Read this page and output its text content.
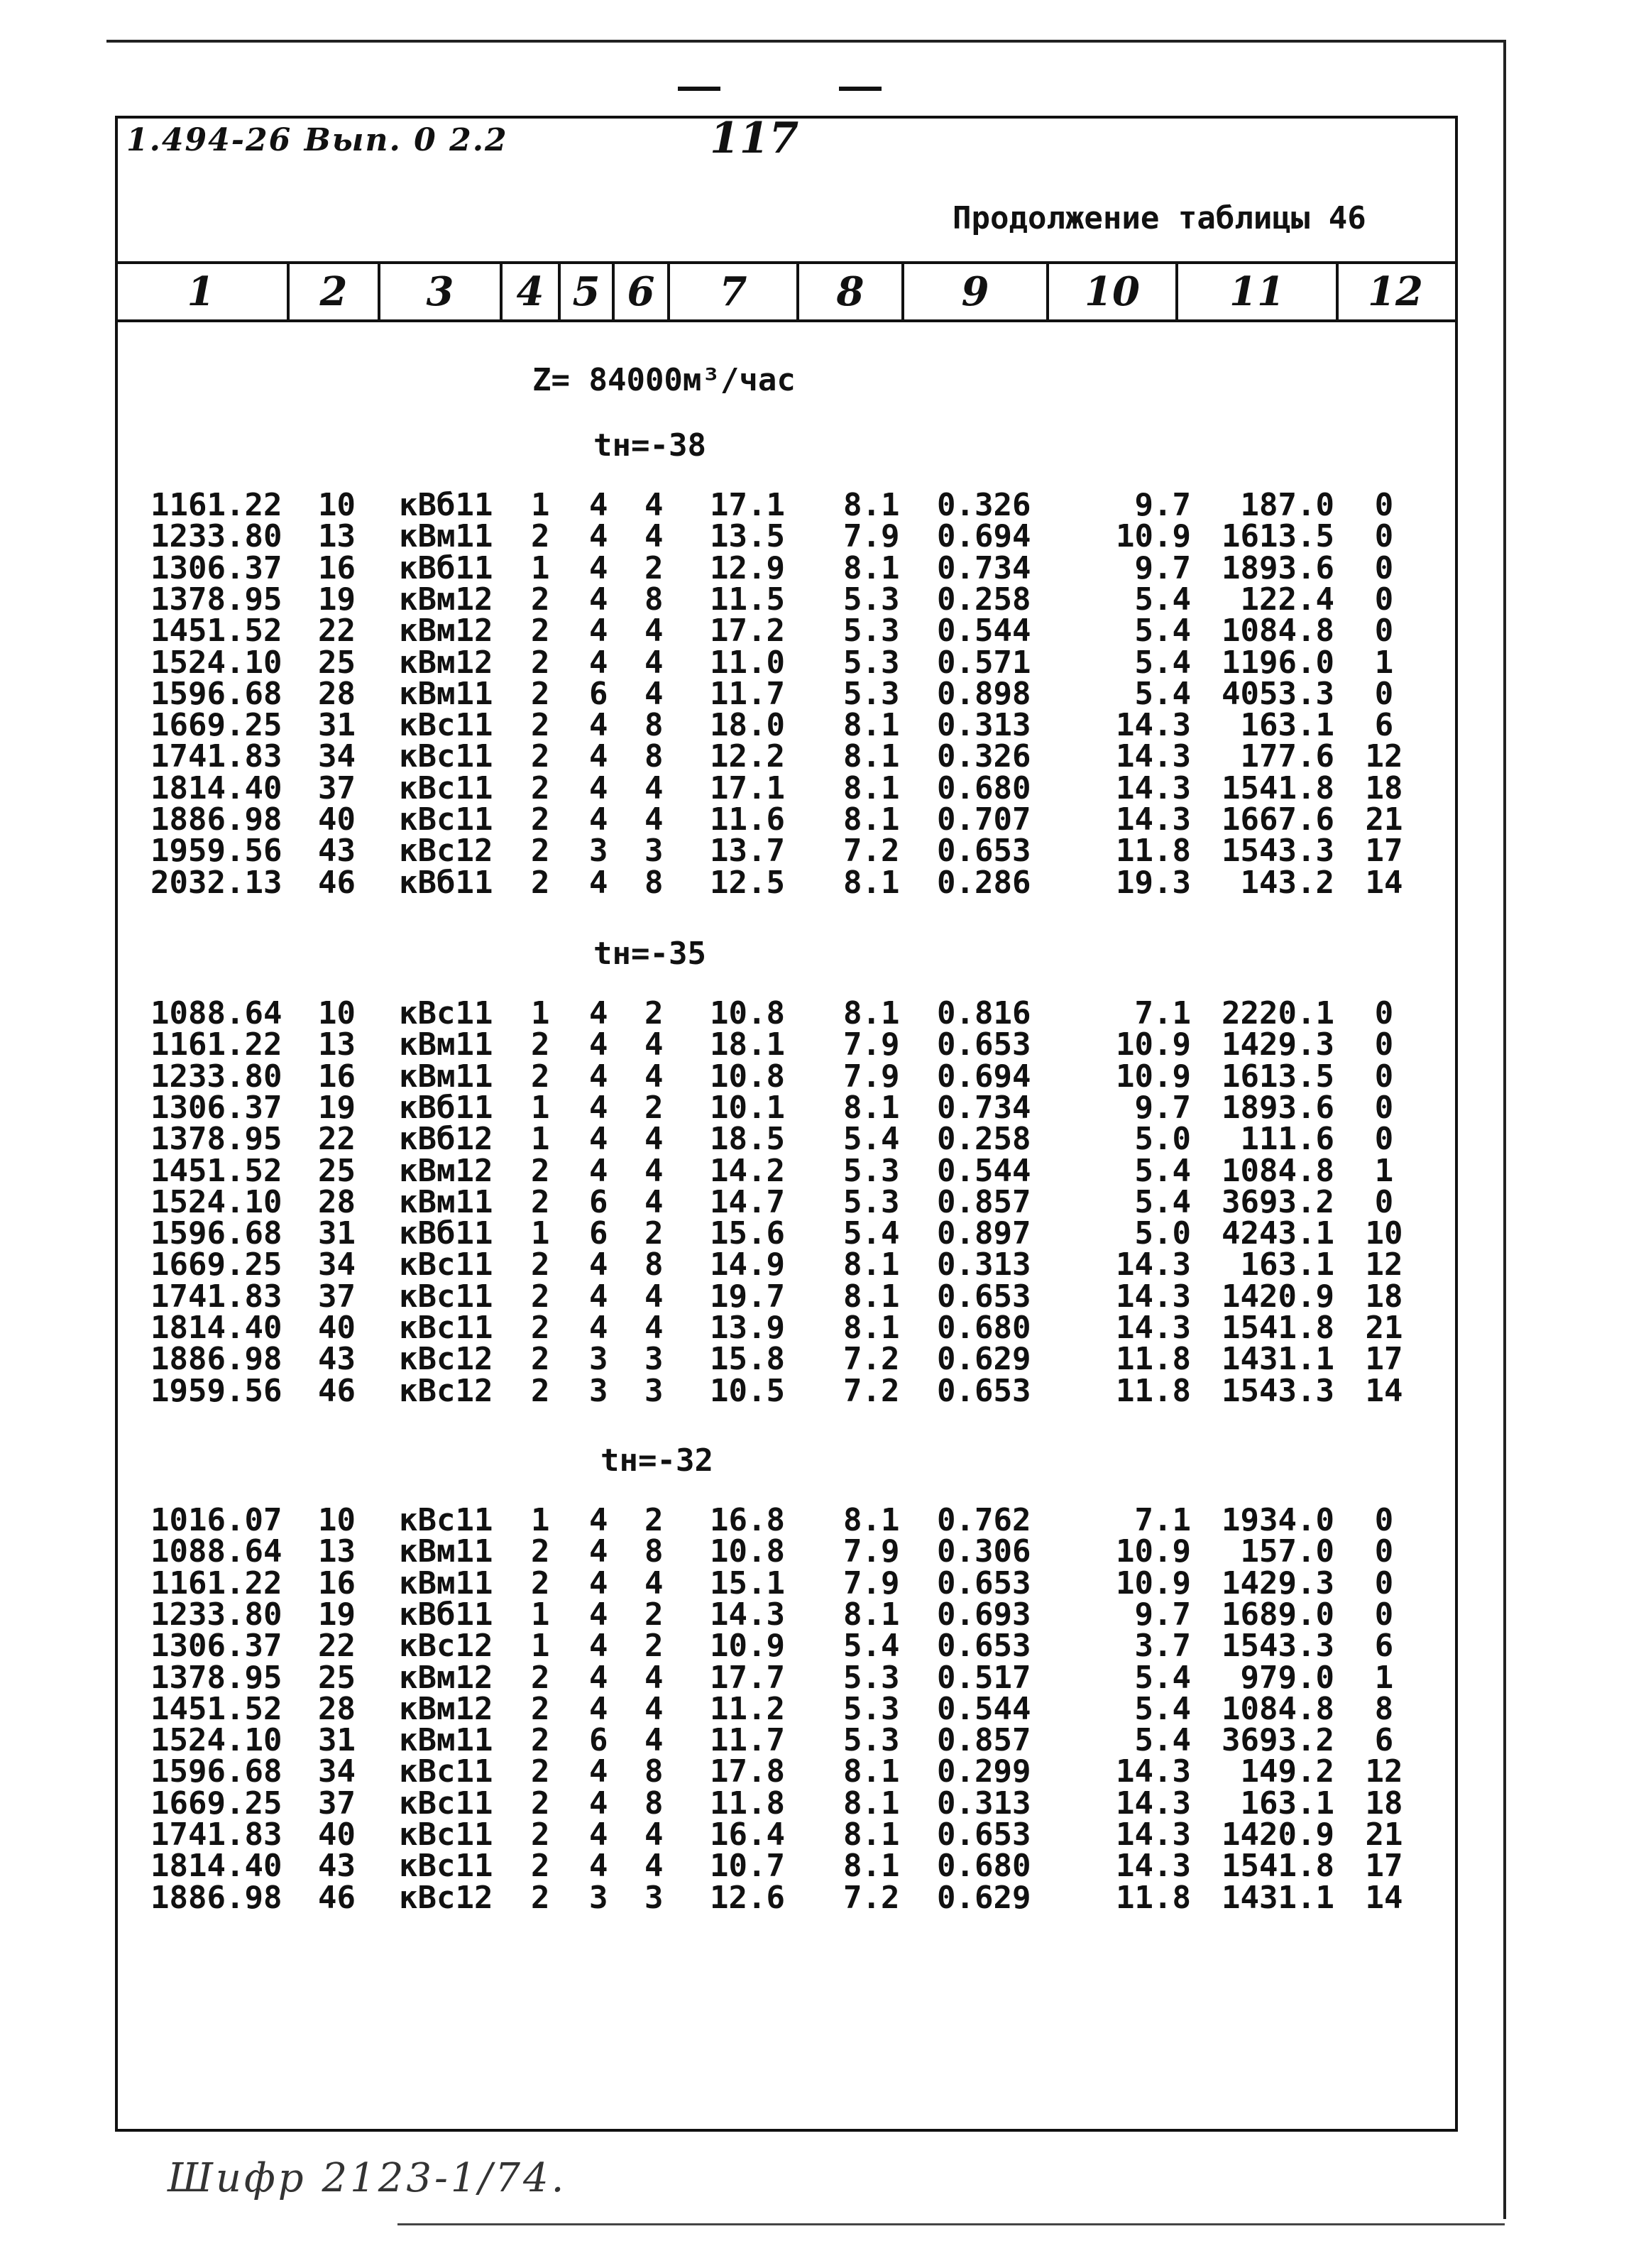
1.494-26 Вып. 0 2.2	117
Продолжение таблицы 46
1	2	3	4 5 6	7	8	9	10	11	12
Z= 84000м³/час
tн=-38
1161.22 10	кВб11	1	4	4	17.1	8.1	0.326	9.7	187.0	0
1233.80 13	кВм11	2	4	4	13.5	7.9	0.694	10.9 1613.5	0
1306.37 16	кВб11	1	4	2	12.9	8.1	0.734	9.7 1893.6	0
1378.95 19	кВм12	2	4	8	11.5	5.3	0.258	5.4	122.4	0
1451.52 22	кВм12	2	4	4	17.2	5.3	0.544	5.4 1084.8	0
1524.10 25	кВм12	2	4	4	11.0	5.3	0.571	5.4 1196.0	1
1596.68 28	кВм11	2	6	4	11.7	5.3	0.898	5.4 4053.3	0
1669.25 31	кВс11	2	4	8	18.0	8.1	0.313	14.3	163.1	6
1741.83 34	кВс11	2	4	8	12.2	8.1	0.326	14.3	177.6 12
1814.40 37	кВс11	2	4	4	17.1	8.1	0.680	14.3 1541.8 18
1886.98 40	кВс11	2	4	4	11.6	8.1	0.707	14.3 1667.6 21
1959.56 43	кВс12	2	3	3	13.7	7.2	0.653	11.8 1543.3 17
2032.13 46	кВб11	2	4	8	12.5	8.1	0.286	19.3	143.2 14
tн=-35
1088.64 10	кВс11	1	4	2	10.8	8.1	0.816	7.1 2220.1	0
1161.22 13	кВм11	2	4	4	18.1	7.9	0.653	10.9 1429.3	0
1233.80 16	кВм11	2	4	4	10.8	7.9	0.694	10.9 1613.5	0
1306.37 19	кВб11	1	4	2	10.1	8.1	0.734	9.7 1893.6	0
1378.95 22	кВб12	1	4	4	18.5	5.4	0.258	5.0	111.6	0
1451.52 25	кВм12	2	4	4	14.2	5.3	0.544	5.4 1084.8	1
1524.10 28	кВм11	2	6	4	14.7	5.3	0.857	5.4 3693.2	0
1596.68 31	кВб11	1	6	2	15.6	5.4	0.897	5.0 4243.1 10
1669.25 34	кВс11	2	4	8	14.9	8.1	0.313	14.3	163.1 12
1741.83 37	кВс11	2	4	4	19.7	8.1	0.653	14.3 1420.9 18
1814.40 40	кВс11	2	4	4	13.9	8.1	0.680	14.3 1541.8 21
1886.98 43	кВс12	2	3	3	15.8	7.2	0.629	11.8 1431.1 17
1959.56 46	кВс12	2	3	3	10.5	7.2	0.653	11.8 1543.3 14
tн=-32
1016.07 10	кВс11	1	4	2	16.8	8.1	0.762	7.1 1934.0	0
1088.64 13	кВм11	2	4	8	10.8	7.9	0.306	10.9	157.0	0
1161.22 16	кВм11	2	4	4	15.1	7.9	0.653	10.9 1429.3	0
1233.80 19	кВб11	1	4	2	14.3	8.1	0.693	9.7 1689.0	0
1306.37 22	кВс12	1	4	2	10.9	5.4	0.653	3.7 1543.3	6
1378.95 25	кВм12	2	4	4	17.7	5.3	0.517	5.4	979.0	1
1451.52 28	кВм12	2	4	4	11.2	5.3	0.544	5.4 1084.8	8
1524.10 31	кВм11	2	6	4	11.7	5.3	0.857	5.4 3693.2	6
1596.68 34	кВс11	2	4	8	17.8	8.1	0.299	14.3	149.2 12
1669.25 37	кВс11	2	4	8	11.8	8.1	0.313	14.3	163.1 18
1741.83 40	кВс11	2	4	4	16.4	8.1	0.653	14.3 1420.9 21
1814.40 43	кВс11	2	4	4	10.7	8.1	0.680	14.3 1541.8 17
1886.98 46	кВс12	2	3	3	12.6	7.2	0.629	11.8 1431.1 14
Шифр 2123-1/74.
